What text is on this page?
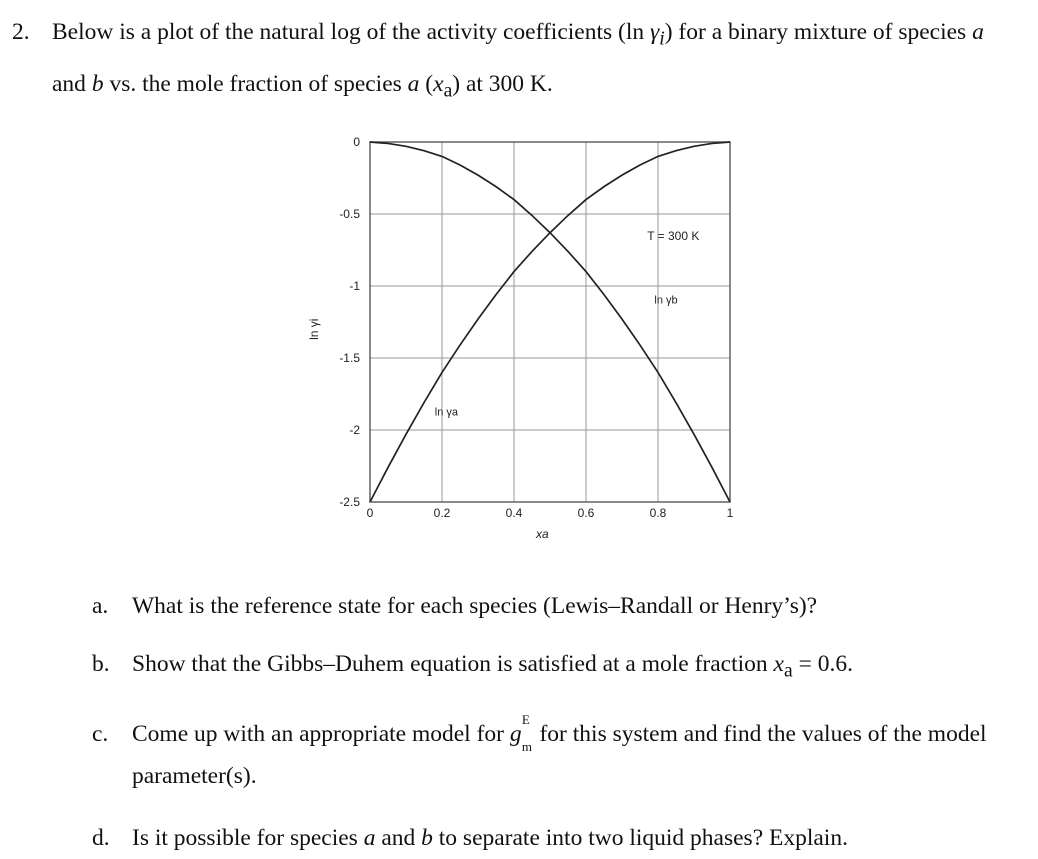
2. Below is a plot of the natural log of the activity coefficients (ln $\gamma_i$) for a binary mixture of species a and b vs. the mole fraction of species a $(x_a)$ at 300 K.
0	0.2	0.4	0.6	0.8	1
0
-0.5
-1
-1.5
-2
-2.5
xa
ln γi
ln γa
ln γb
T = 300 K
a. What is the reference state for each species (Lewis–Randall or Henry’s)?
b. Show that the Gibbs–Duhem equation is satisfied at a mole fraction $x_a = 0.6$.
c. Come up with an appropriate model for g
E
m for this system and find the values of the model parameter(s).
d. Is it possible for species a and b to separate into two liquid phases? Explain.
